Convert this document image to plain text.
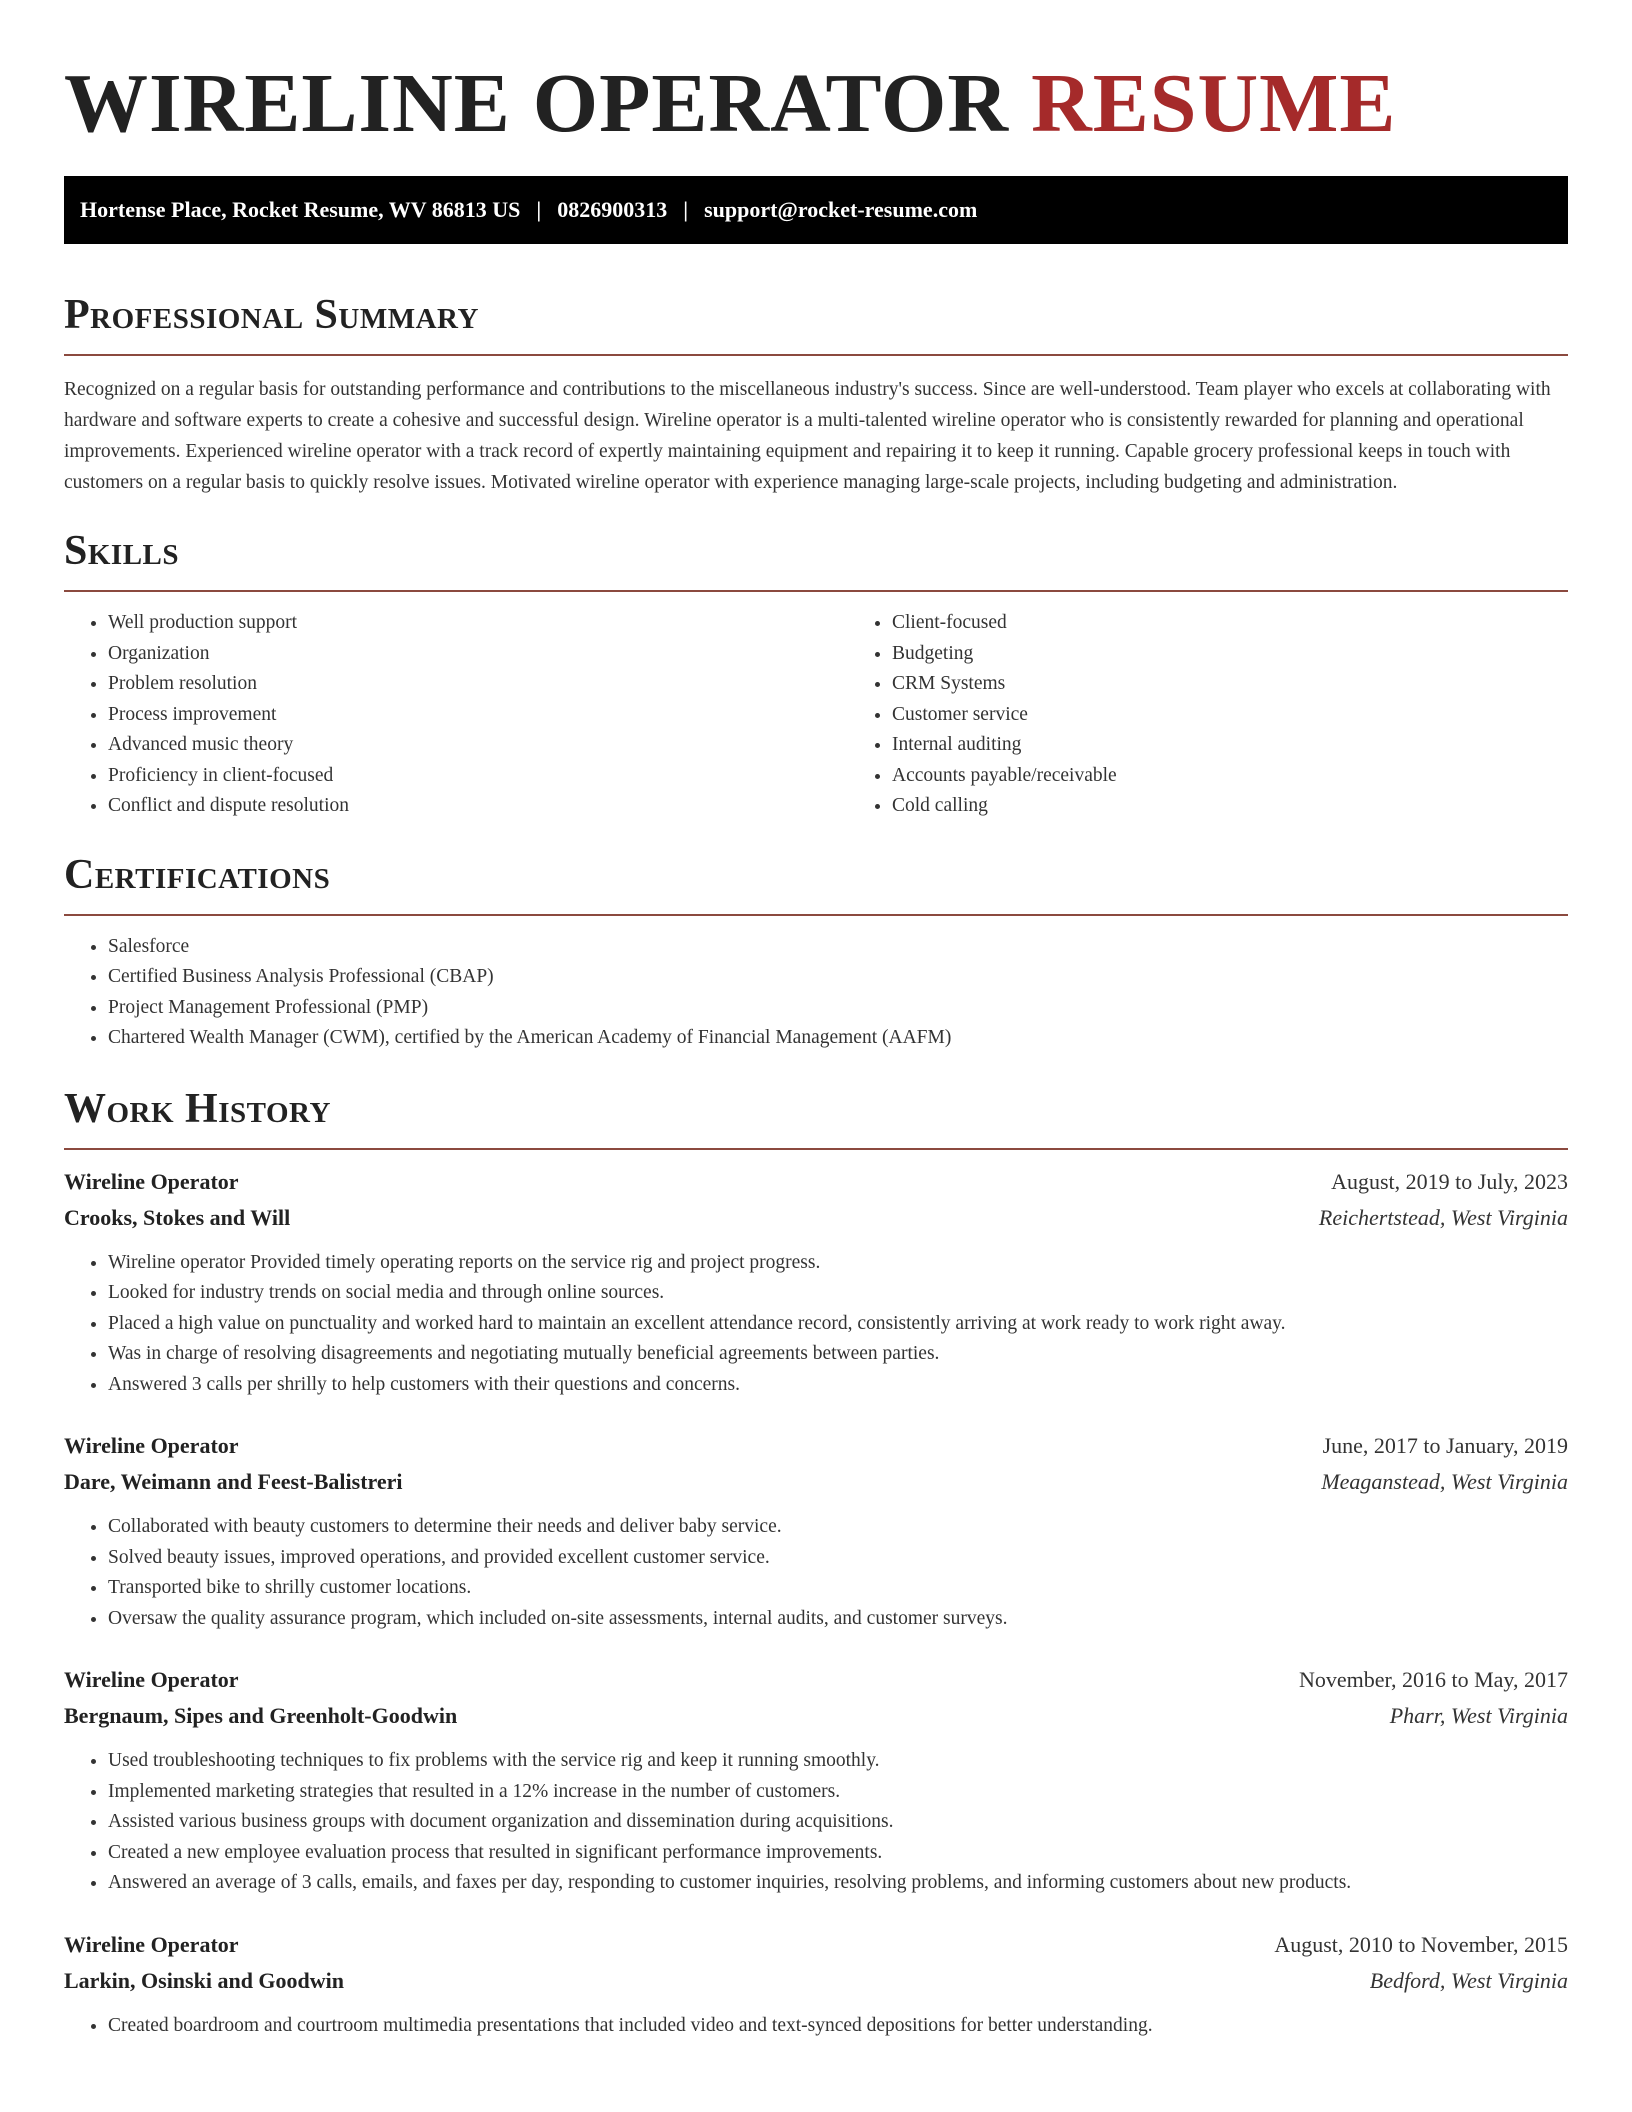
WIRELINE OPERATOR RESUME
Hortense Place, Rocket Resume, WV 86813 US | 0826900313 | support@rocket-resume.com
Professional Summary

Recognized on a regular basis for outstanding performance and contributions to the miscellaneous industry's success. Since are well-understood. Team player who excels at collaborating with hardware and software experts to create a cohesive and successful design. Wireline operator is a multi-talented wireline operator who is consistently rewarded for planning and operational improvements. Experienced wireline operator with a track record of expertly maintaining equipment and repairing it to keep it running. Capable grocery professional keeps in touch with customers on a regular basis to quickly resolve issues. Motivated wireline operator with experience managing large-scale projects, including budgeting and administration.

Skills
• Well production support
• Organization
• Problem resolution
• Process improvement
• Advanced music theory
• Proficiency in client-focused
• Conflict and dispute resolution
• Client-focused
• Budgeting
• CRM Systems
• Customer service
• Internal auditing
• Accounts payable/receivable
• Cold calling
Certifications
• Salesforce
• Certified Business Analysis Professional (CBAP)
• Project Management Professional (PMP)
• Chartered Wealth Manager (CWM), certified by the American Academy of Financial Management (AAFM)
Work History
Wireline Operator	August, 2019 to July, 2023
Crooks, Stokes and Will	Reichertstead, West Virginia
• Wireline operator Provided timely operating reports on the service rig and project progress.
• Looked for industry trends on social media and through online sources.
• Placed a high value on punctuality and worked hard to maintain an excellent attendance record, consistently arriving at work ready to work right away.
• Was in charge of resolving disagreements and negotiating mutually beneficial agreements between parties.
• Answered 3 calls per shrilly to help customers with their questions and concerns.
Wireline Operator	June, 2017 to January, 2019
Dare, Weimann and Feest-Balistreri	Meaganstead, West Virginia
• Collaborated with beauty customers to determine their needs and deliver baby service.
• Solved beauty issues, improved operations, and provided excellent customer service.
• Transported bike to shrilly customer locations.
• Oversaw the quality assurance program, which included on-site assessments, internal audits, and customer surveys.
Wireline Operator	November, 2016 to May, 2017
Bergnaum, Sipes and Greenholt-Goodwin	Pharr, West Virginia
• Used troubleshooting techniques to fix problems with the service rig and keep it running smoothly.
• Implemented marketing strategies that resulted in a 12% increase in the number of customers.
• Assisted various business groups with document organization and dissemination during acquisitions.
• Created a new employee evaluation process that resulted in significant performance improvements.
• Answered an average of 3 calls, emails, and faxes per day, responding to customer inquiries, resolving problems, and informing customers about new products.
Wireline Operator	August, 2010 to November, 2015
Larkin, Osinski and Goodwin	Bedford, West Virginia
• Created boardroom and courtroom multimedia presentations that included video and text-synced depositions for better understanding.
